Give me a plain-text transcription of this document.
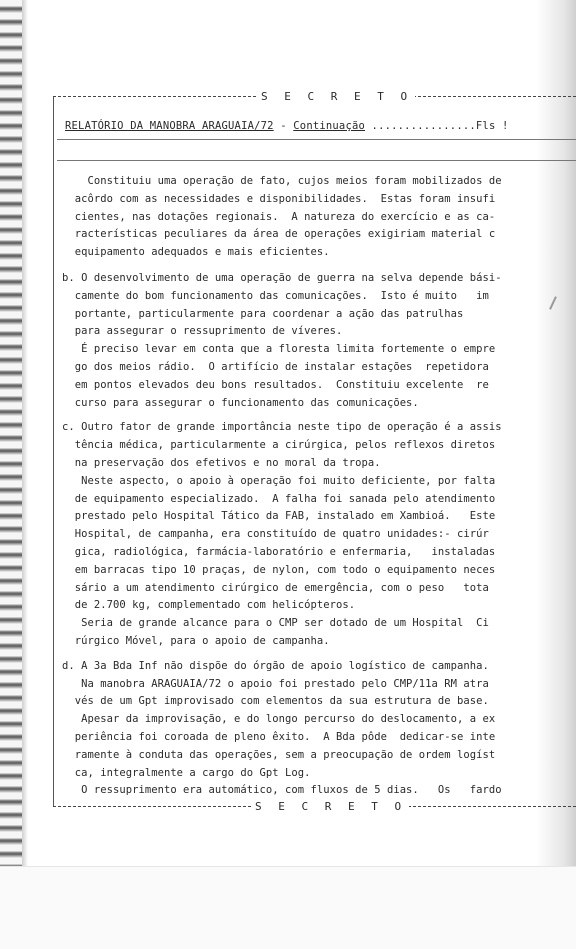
S E C R E T O
RELATÓRIO DA MANOBRA ARAGUAIA/72 - Continuação ................Fls !
Constituiu uma operação de fato, cujos meios foram mobilizados de
acôrdo com as necessidades e disponibilidades.  Estas foram insufi
cientes, nas dotações regionais.  A natureza do exercício e as ca-
racterísticas peculiares da área de operações exigiriam material c
equipamento adequados e mais eficientes.
b. O desenvolvimento de uma operação de guerra na selva depende bási-
camente do bom funcionamento das comunicações.  Isto é muito   im
portante, particularmente para coordenar a ação das patrulhas
para assegurar o ressuprimento de víveres.
É preciso levar em conta que a floresta limita fortemente o empre
go dos meios rádio.  O artifício de instalar estações  repetidora
em pontos elevados deu bons resultados.  Constituiu excelente  re
curso para assegurar o funcionamento das comunicações.
c. Outro fator de grande importância neste tipo de operação é a assis
tência médica, particularmente a cirúrgica, pelos reflexos diretos
na preservação dos efetivos e no moral da tropa.
Neste aspecto, o apoio à operação foi muito deficiente, por falta
de equipamento especializado.  A falha foi sanada pelo atendimento
prestado pelo Hospital Tático da FAB, instalado em Xambioá.   Este
Hospital, de campanha, era constituído de quatro unidades:- cirúr
gica, radiológica, farmácia-laboratório e enfermaria,   instaladas
em barracas tipo 10 praças, de nylon, com todo o equipamento neces
sário a um atendimento cirúrgico de emergência, com o peso   tota
de 2.700 kg, complementado com helicópteros.
Seria de grande alcance para o CMP ser dotado de um Hospital  Ci
rúrgico Móvel, para o apoio de campanha.
d. A 3a Bda Inf não dispõe do órgão de apoio logístico de campanha.
Na manobra ARAGUAIA/72 o apoio foi prestado pelo CMP/11a RM atra
vés de um Gpt improvisado com elementos da sua estrutura de base.
Apesar da improvisação, e do longo percurso do deslocamento, a ex
periência foi coroada de pleno êxito.  A Bda pôde  dedicar-se inte
ramente à conduta das operações, sem a preocupação de ordem logíst
ca, integralmente a cargo do Gpt Log.
O ressuprimento era automático, com fluxos de 5 dias.   Os   fardo
S E C R E T O
